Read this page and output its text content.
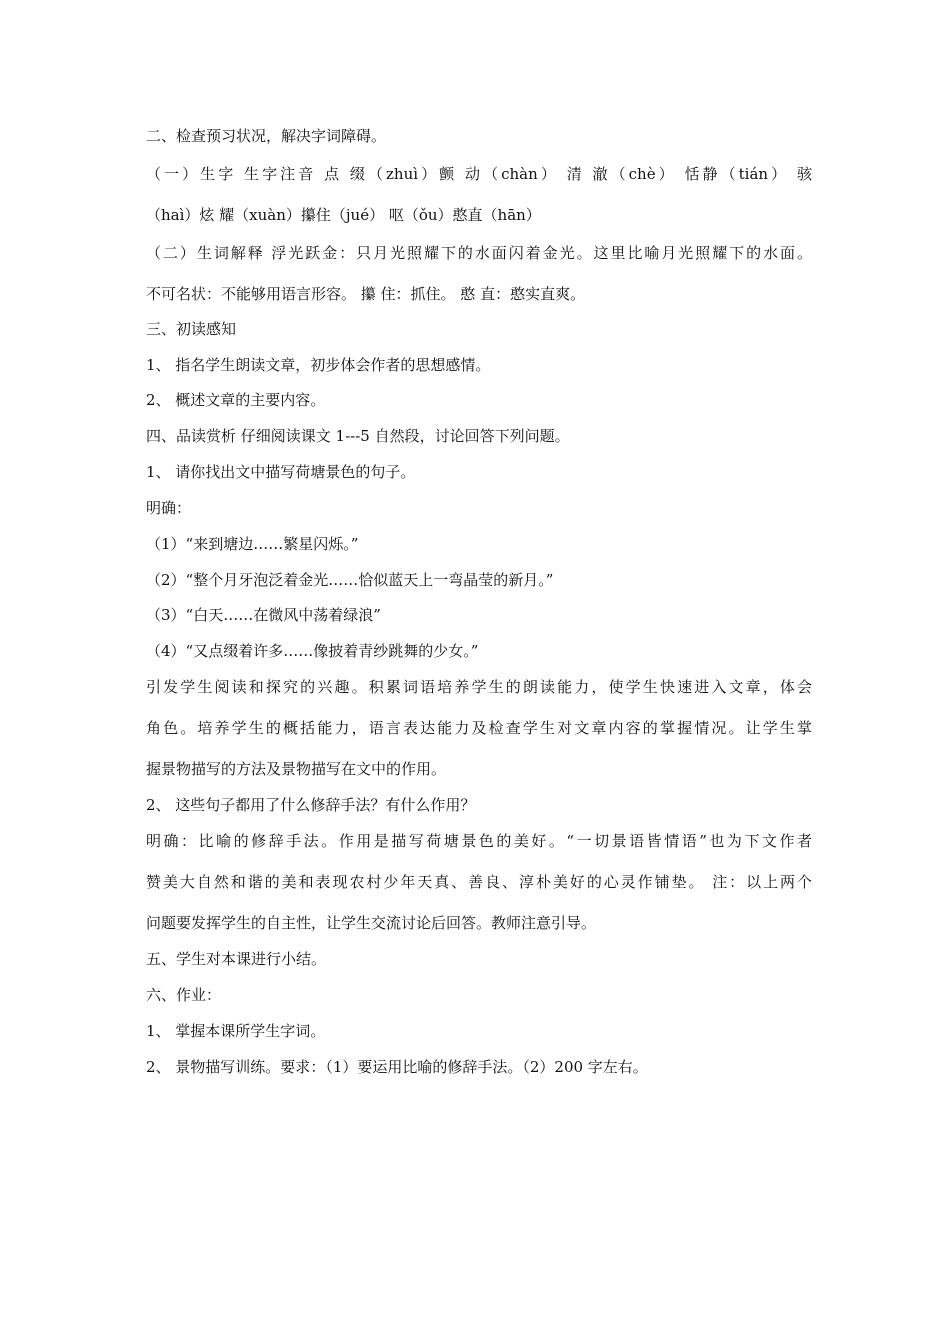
二、检查预习状况，解决字词障碍。

（一）生字 生字注音 点 缀（zhuì）颤 动（chàn） 清 澈（chè） 恬静（tián） 骇

（haì）炫 耀（xuàn）攥住（jué） 呕（ǒu）憨直（hān）

（二）生词解释 浮光跃金：只月光照耀下的水面闪着金光。这里比喻月光照耀下的水面。

不可名状：不能够用语言形容。 攥 住：抓住。 憨 直：憨实直爽。

三、初读感知

1、 指名学生朗读文章，初步体会作者的思想感情。

2、 概述文章的主要内容。

四、品读赏析 仔细阅读课文 1---5 自然段，讨论回答下列问题。

1、 请你找出文中描写荷塘景色的句子。

明确：

（1）“来到塘边……繁星闪烁。”

（2）“整个月牙泡泛着金光……恰似蓝天上一弯晶莹的新月。”

（3）“白天……在微风中荡着绿浪”

（4）“又点缀着许多……像披着青纱跳舞的少女。”

引发学生阅读和探究的兴趣。积累词语培养学生的朗读能力，使学生快速进入文章，体会

角色。培养学生的概括能力，语言表达能力及检查学生对文章内容的掌握情况。让学生掌

握景物描写的方法及景物描写在文中的作用。

2、 这些句子都用了什么修辞手法？有什么作用？

明确：比喻的修辞手法。作用是描写荷塘景色的美好。“一切景语皆情语”也为下文作者

赞美大自然和谐的美和表现农村少年天真、善良、淳朴美好的心灵作铺垫。 注：以上两个

问题要发挥学生的自主性，让学生交流讨论后回答。教师注意引导。

五、学生对本课进行小结。

六、作业：

1、 掌握本课所学生字词。

2、 景物描写训练。要求：（1）要运用比喻的修辞手法。（2）200 字左右。
